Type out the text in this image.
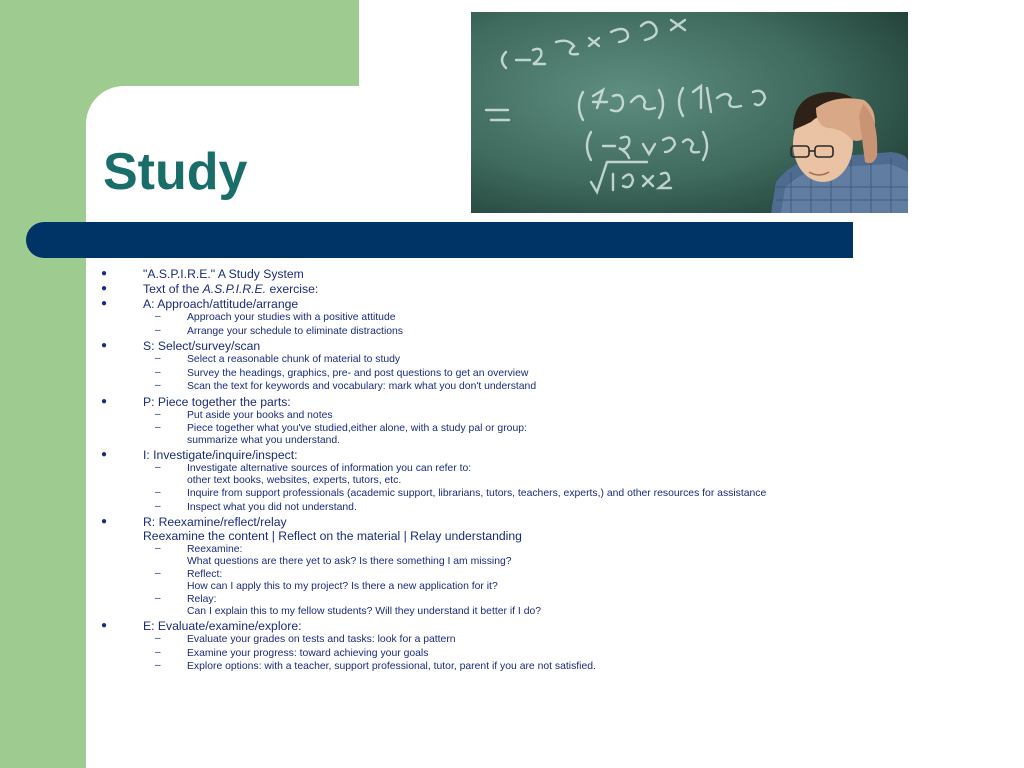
Study
●	"A.S.P.I.R.E." A Study System
●	Text of the A.S.P.I.R.E. exercise:
●	A: Approach/attitude/arrange
–	Approach your studies with a positive attitude
–	Arrange your schedule to eliminate distractions
●	S: Select/survey/scan
–	Select a reasonable chunk of material to study
–	Survey the headings, graphics, pre- and post questions to get an overview
–	Scan the text for keywords and vocabulary: mark what you don't understand
●	P: Piece together the parts:
–	Put aside your books and notes
–	Piece together what you've studied,either alone, with a study pal or group:
summarize what you understand.
●	I: Investigate/inquire/inspect:
–	Investigate alternative sources of information you can refer to:
other text books, websites, experts, tutors, etc.
–	Inquire from support professionals (academic support, librarians, tutors, teachers, experts,) and other resources for assistance
–	Inspect what you did not understand.
●	R: Reexamine/reflect/relay
Reexamine the content | Reflect on the material | Relay understanding
–	Reexamine:
What questions are there yet to ask? Is there something I am missing?
–	Reflect:
How can I apply this to my project? Is there a new application for it?
–	Relay:
Can I explain this to my fellow students? Will they understand it better if I do?
●	E: Evaluate/examine/explore:
–	Evaluate your grades on tests and tasks: look for a pattern
–	Examine your progress: toward achieving your goals
–	Explore options: with a teacher, support professional, tutor, parent if you are not satisfied.
